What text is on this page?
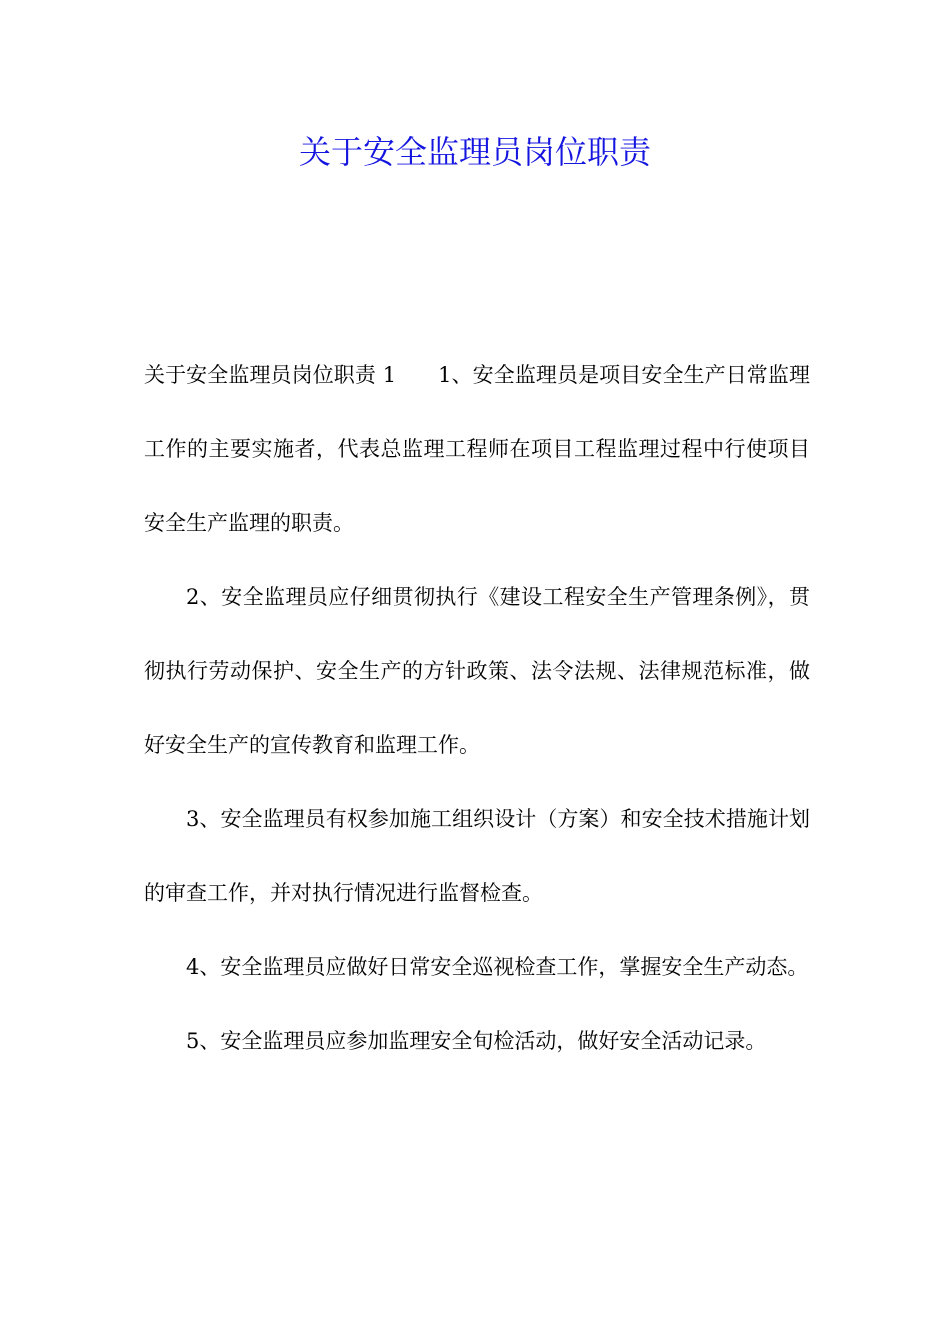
关于安全监理员岗位职责

关于安全监理员岗位职责 1 1、安全监理员是项目安全生产日常监理工作的主要实施者，代表总监理工程师在项目工程监理过程中行使项目安全生产监理的职责。

2、安全监理员应仔细贯彻执行《建设工程安全生产管理条例》，贯彻执行劳动保护、安全生产的方针政策、法令法规、法律规范标准，做好安全生产的宣传教育和监理工作。

3、安全监理员有权参加施工组织设计（方案）和安全技术措施计划的审查工作，并对执行情况进行监督检查。

4、安全监理员应做好日常安全巡视检查工作，掌握安全生产动态。

5、安全监理员应参加监理安全旬检活动，做好安全活动记录。
